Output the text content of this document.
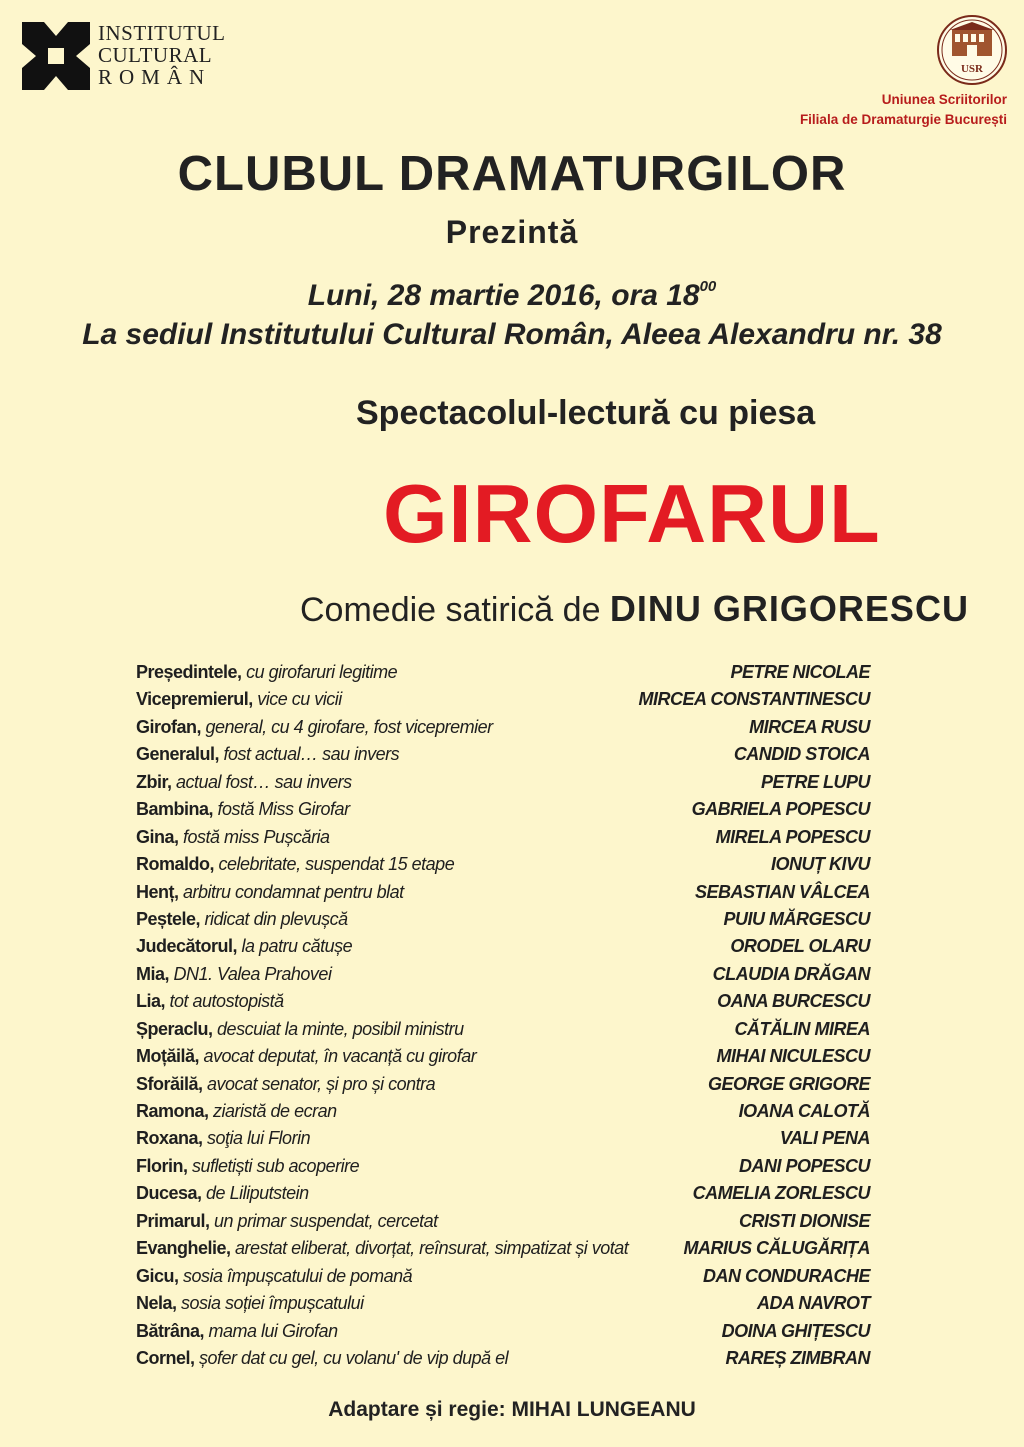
INSTITUTUL
CULTURAL
ROMÂN	USR
Uniunea Scriitorilor
Filiala de Dramaturgie București
CLUBUL DRAMATURGILOR
Prezintă
Luni, 28 martie 2016, ora $18^{00}$
La sediul Institutului Cultural Român, Aleea Alexandru nr. 38
Spectacolul-lectură cu piesa
GIROFARUL
Comedie satirică de DINU GRIGORESCU
Președintele, cu girofaruri legitime	PETRE NICOLAE
Vicepremierul, vice cu vicii	MIRCEA CONSTANTINESCU
Girofan, general, cu 4 girofare, fost vicepremier	MIRCEA RUSU
Generalul, fost actual… sau invers	CANDID STOICA
Zbir, actual fost… sau invers	PETRE LUPU
Bambina, fostă Miss Girofar	GABRIELA POPESCU
Gina, fostă miss Pușcăria	MIRELA POPESCU
Romaldo, celebritate, suspendat 15 etape	IONUȚ KIVU
Henț, arbitru condamnat pentru blat	SEBASTIAN VÂLCEA
Peștele, ridicat din plevușcă	PUIU MĂRGESCU
Judecătorul, la patru cătușe	ORODEL OLARU
Mia, DN1. Valea Prahovei	CLAUDIA DRĂGAN
Lia, tot autostopistă	OANA BURCESCU
Șperaclu, descuiat la minte, posibil ministru	CĂTĂLIN MIREA
Moțăilă, avocat deputat, în vacanță cu girofar	MIHAI NICULESCU
Sforăilă, avocat senator, și pro și contra	GEORGE GRIGORE
Ramona, ziaristă de ecran	IOANA CALOTĂ
Roxana, soţia lui Florin	VALI PENA
Florin, sufletiști sub acoperire	DANI POPESCU
Ducesa, de Liliputstein	CAMELIA ZORLESCU
Primarul, un primar suspendat, cercetat	CRISTI DIONISE
Evanghelie, arestat eliberat, divorțat, reînsurat, simpatizat și votat	MARIUS CĂLUGĂRIȚA
Gicu, sosia împușcatului de pomană	DAN CONDURACHE
Nela, sosia soției împușcatului	ADA NAVROT
Bătrâna, mama lui Girofan	DOINA GHIȚESCU
Cornel, șofer dat cu gel, cu volanu' de vip după el	RAREȘ ZIMBRAN
Adaptare și regie: MIHAI LUNGEANU
